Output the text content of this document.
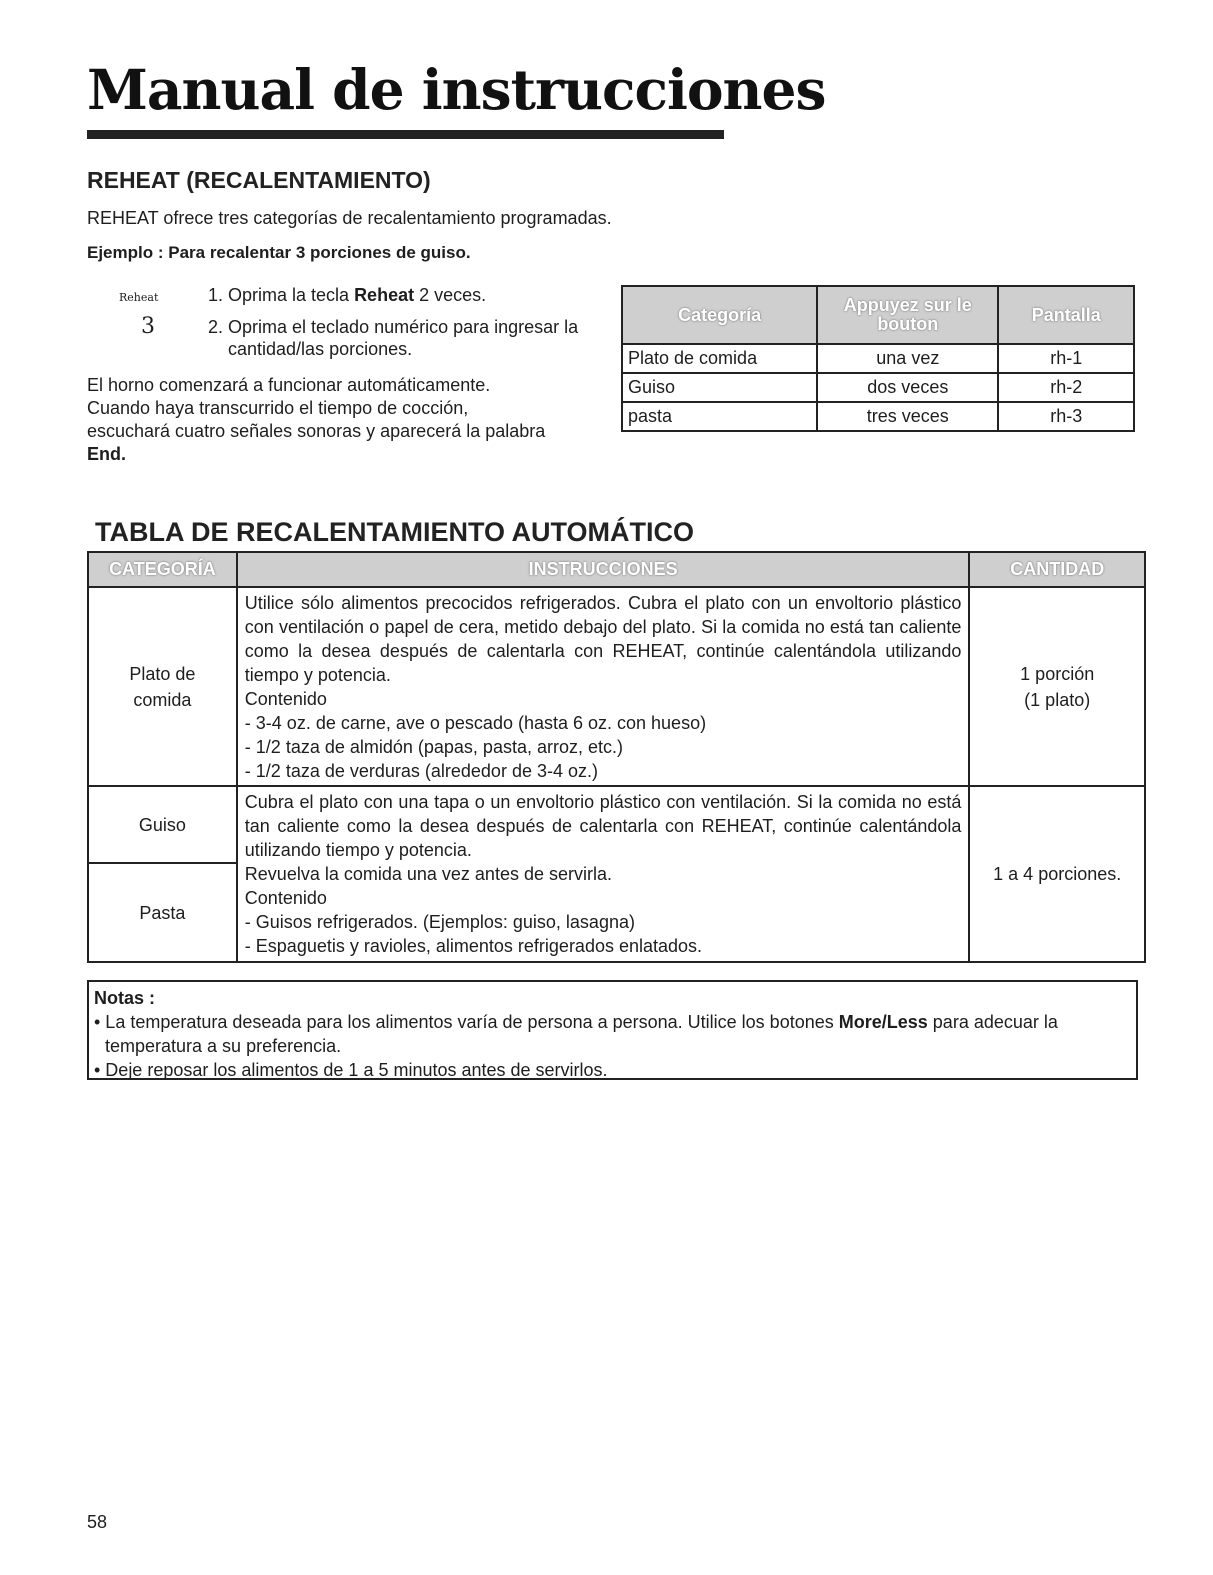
Manual de instrucciones
REHEAT (RECALENTAMIENTO)

REHEAT ofrece tres categorías de recalentamiento programadas.

Ejemplo : Para recalentar 3 porciones de guiso.

Reheat
3

1. Oprima la tecla Reheat 2 veces.

2. Oprima el teclado numérico para ingresar la cantidad/las porciones.

El horno comenzará a funcionar automáticamente.
Cuando haya transcurrido el tiempo de cocción,
escuchará cuatro señales sonoras y aparecerá la palabra
End.

Categoría	Appuyez sur le bouton	Pantalla
Plato de comida	una vez	rh-1
Guiso	dos veces	rh-2
pasta	tres veces	rh-3
TABLA DE RECALENTAMIENTO AUTOMÁTICO
CATEGORÍA	INSTRUCCIONES	CANTIDAD

Plato de
comida	Utilice sólo alimentos precocidos refrigerados. Cubra el plato con un envoltorio plástico con ventilación o papel de cera, metido debajo del plato. Si la comida no está tan caliente como la desea después de calentarla con REHEAT, continúe calentándola utilizando tiempo y potencia.
Contenido
- 3-4 oz. de carne, ave o pescado (hasta 6 oz. con hueso)
- 1/2 taza de almidón (papas, pasta, arroz, etc.)
- 1/2 taza de verduras (alrededor de 3-4 oz.)	1 porción
(1 plato)

Guiso	Cubra el plato con una tapa o un envoltorio plástico con ventilación. Si la comida no está tan caliente como la desea después de calentarla con REHEAT, continúe calentándola utilizando tiempo y potencia.
Revuelva la comida una vez antes de servirla.
Contenido
- Guisos refrigerados. (Ejemplos: guiso, lasagna)
- Espaguetis y ravioles, alimentos refrigerados enlatados.	1 a 4 porciones.
Pasta		
Notas :
• La temperatura deseada para los alimentos varía de persona a persona. Utilice los botones More/Less para adecuar la temperatura a su preferencia.
• Deje reposar los alimentos de 1 a 5 minutos antes de servirlos.
58
